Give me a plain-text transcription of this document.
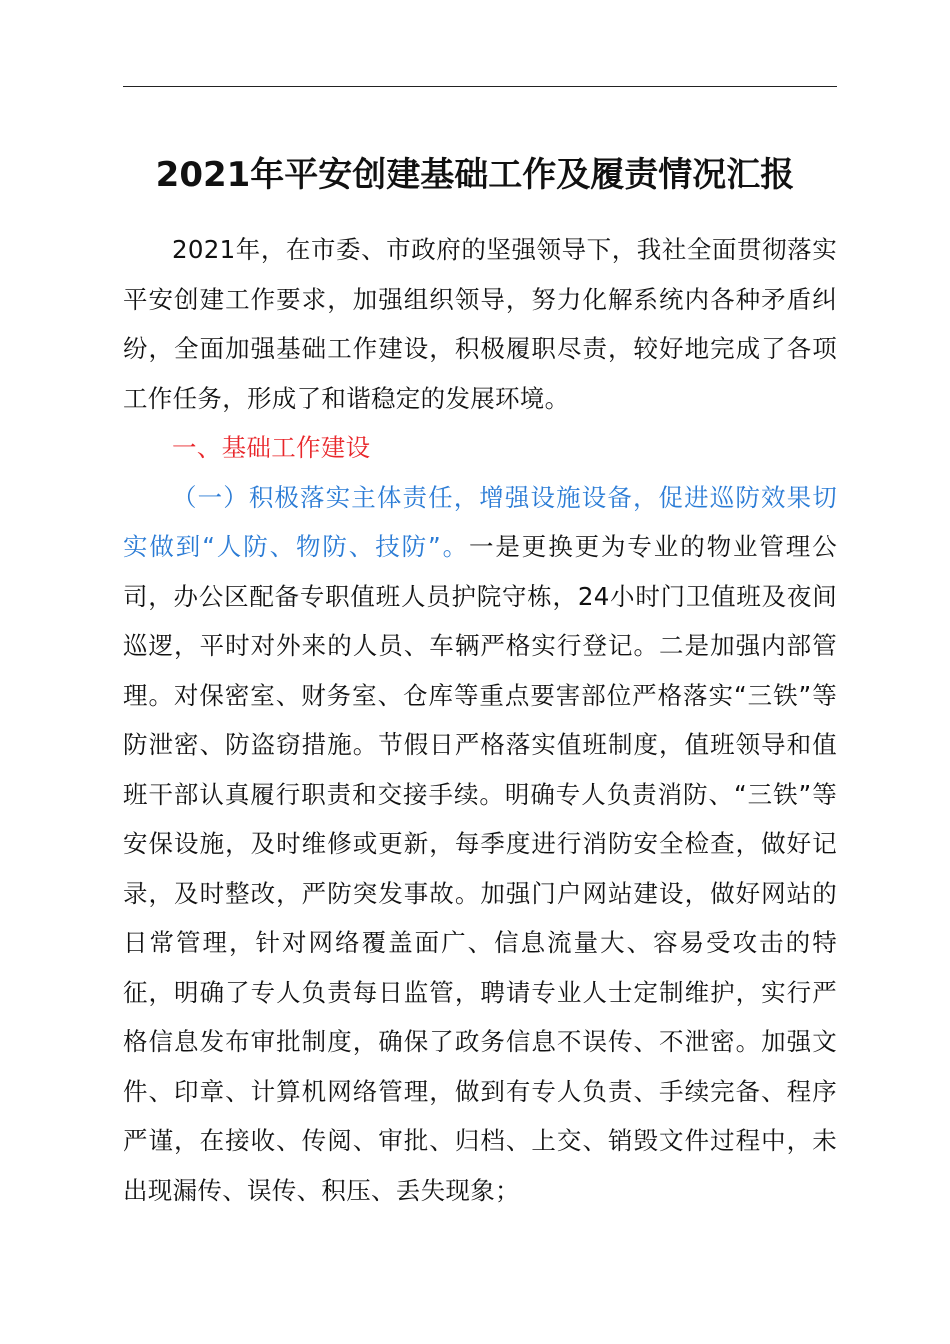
2021年平安创建基础工作及履责情况汇报

2021年，在市委、市政府的坚强领导下，我社全面贯彻落实平安创建工作要求，加强组织领导，努力化解系统内各种矛盾纠纷，全面加强基础工作建设，积极履职尽责，较好地完成了各项工作任务，形成了和谐稳定的发展环境。

一、基础工作建设

（一）积极落实主体责任，增强设施设备，促进巡防效果切实做到“人防、物防、技防”。一是更换更为专业的物业管理公司，办公区配备专职值班人员护院守栋，24小时门卫值班及夜间巡逻，平时对外来的人员、车辆严格实行登记。二是加强内部管理。对保密室、财务室、仓库等重点要害部位严格落实“三铁”等防泄密、防盗窃措施。节假日严格落实值班制度，值班领导和值班干部认真履行职责和交接手续。明确专人负责消防、“三铁”等安保设施，及时维修或更新，每季度进行消防安全检查，做好记录，及时整改，严防突发事故。加强门户网站建设，做好网站的日常管理，针对网络覆盖面广、信息流量大、容易受攻击的特征，明确了专人负责每日监管，聘请专业人士定制维护，实行严格信息发布审批制度，确保了政务信息不误传、不泄密。加强文件、印章、计算机网络管理，做到有专人负责、手续完备、程序严谨，在接收、传阅、审批、归档、上交、销毁文件过程中，未出现漏传、误传、积压、丢失现象；
